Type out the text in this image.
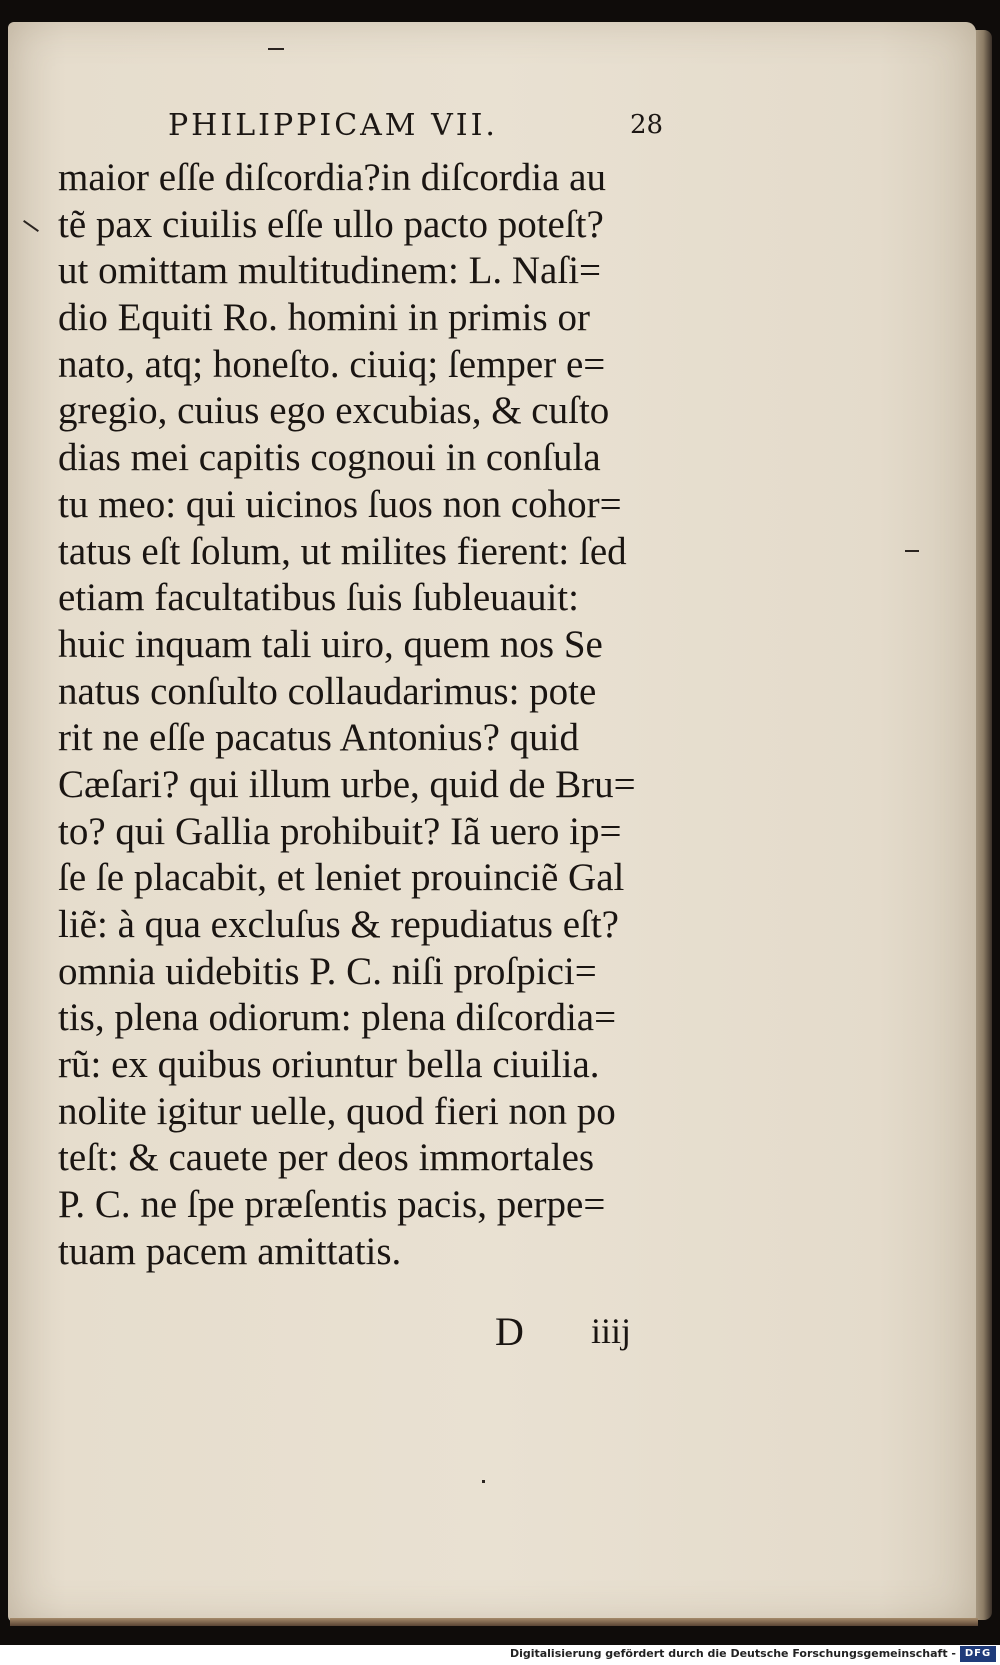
PHILIPPICAM VII.	28
maior eſſe diſcordia?in diſcordia au
tẽ pax ciuilis eſſe ullo pacto poteſt?
ut omittam multitudinem: L. Naſi=
dio Equiti Ro. homini in primis or
nato, atq; honeſto. ciuiq; ſemper e=
gregio, cuius ego excubias, & cuſto
dias mei capitis cognoui in conſula
tu meo: qui uicinos ſuos non cohor=
tatus eſt ſolum, ut milites fierent: ſed
etiam facultatibus ſuis ſubleuauit:
huic inquam tali uiro, quem nos Se
natus conſulto collaudarimus: pote
rit ne eſſe pacatus Antonius? quid
Cæſari? qui illum urbe, quid de Bru=
to? qui Gallia prohibuit? Iã uero ip=
ſe ſe placabit, et leniet prouinciẽ Gal
liẽ: à qua excluſus & repudiatus eſt?
omnia uidebitis P. C. niſi proſpici=
tis, plena odiorum: plena diſcordia=
rũ: ex quibus oriuntur bella ciuilia.
nolite igitur uelle, quod fieri non po
teſt: & cauete per deos immortales
P. C. ne ſpe præſentis pacis, perpe=
tuam pacem amittatis.
D iiij
Digitalisierung gefördert durch die Deutsche Forschungsgemeinschaft - DFG
